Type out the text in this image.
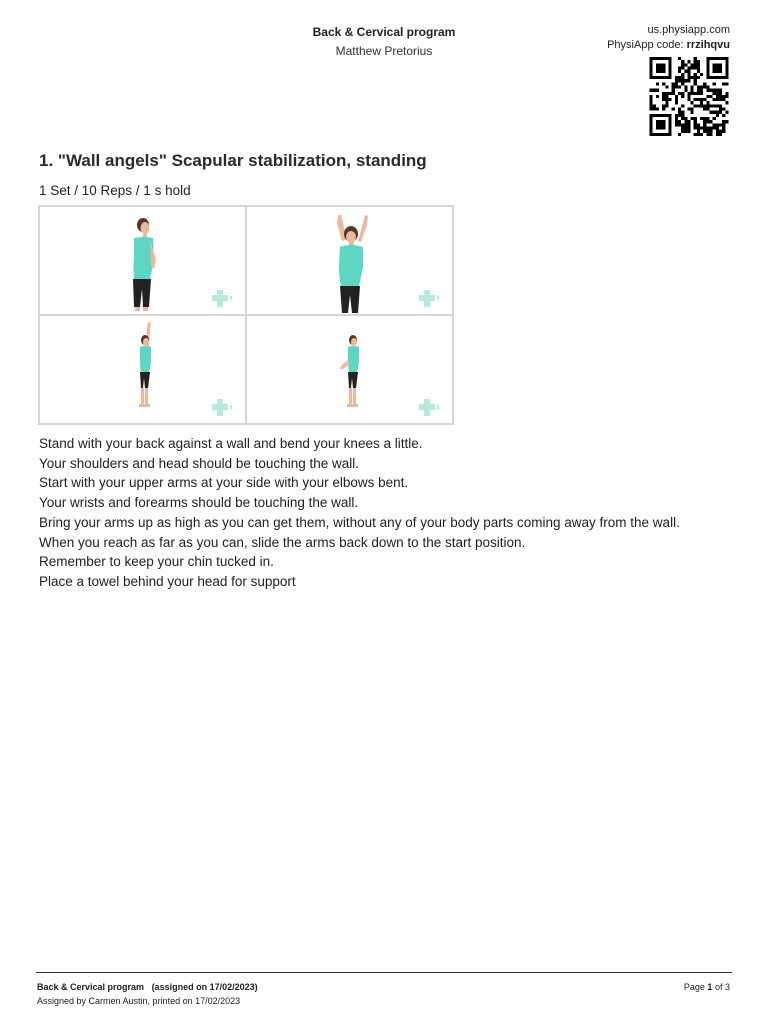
Back & Cervical program
Matthew Pretorius
us.physiapp.com
PhysiApp code: rrzihqvu
1. "Wall angels" Scapular stabilization, standing
1 Set / 10 Reps / 1 s hold
Stand with your back against a wall and bend your knees a little.
Your shoulders and head should be touching the wall.
Start with your upper arms at your side with your elbows bent.
Your wrists and forearms should be touching the wall.
Bring your arms up as high as you can get them, without any of your body parts coming away from the wall.
When you reach as far as you can, slide the arms back down to the start position.
Remember to keep your chin tucked in.
Place a towel behind your head for support
Back & Cervical program (assigned on 17/02/2023)
Assigned by Carmen Austin, printed on 17/02/2023
Page 1 of 3
